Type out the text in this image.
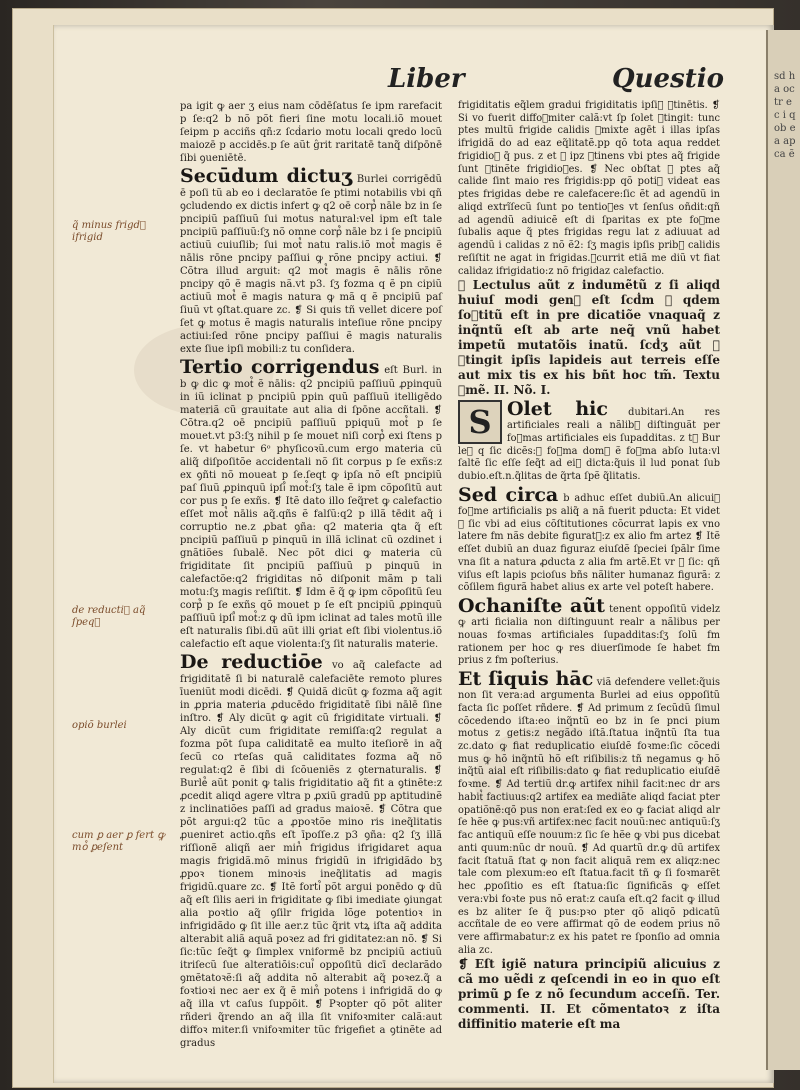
sd ha oc tr e c i q ob ea ap ca ẽ
Liber	Questio
q̃ minus frigd᷒ ifrigid
de reducti᷒ aq̃ ſpeq᷒
opiõ burlei
cum ꝑ aer ꝑ fert ꝙ mo᷒ ꝑeſent

pa igit ꝙ aer ʒ eius nam cōdēſatus ſe ipm rarefacit p ſe:q2 b nõ põt fieri ſine motu locali.iõ mouet ſeipm p acciñs qñ:z ſcḋario motu locali ꝗredo locũ maiozē p accidēs.p ſe aũt ĝrit raritatē tanq̃ diſpōnē ſibi ꝯueniētē.

Secūdum dictuʒ Burlei corrigēdũ ē poſi tũ ab eo i declaratõe ſe ptimi notabilis vbi qñ ꝯcludendo ex dictis infert ꝙ q2 oē corp᷒ nāle bz in ſe pncipiũ paſſiuũ ſui motus natural:vel ipm eſt tale pncipiũ paſſiuũ:ſʒ nõ omne corp᷒ nāle bz i ſe pncipiũ actiuũ cuiuſlib; ſui mot᷒ natu ralis.iõ mot᷒ magis ẽ nālis rōne pncipy paſſiui ꝙ rõne pncipy actiui. ❡ Cõtra illud arguit: q2 mot᷒ magis ẽ nālis rōne pncipy qõ ẽ magis nã.vt p3. ſʒ fozma q ẽ pn cipiũ actiuũ mot᷒ ẽ magis natura ꝙ mã q ẽ pncipiũ paſ ſiuũ vt ꝯſtat.quare zc. ❡ Si quis tñ vellet dicere poſ ſet ꝙ motus ẽ magis naturalis inteſiue rōne pncipy actiui:ſed rōne pncipy paſſiui ẽ magis naturalis exte ſiue ipſi mobili:z tu conſidera.

Tertio corrigendus eſt Burl. in b ꝙ dic ꝙ mot᷒ ẽ nālis: q2 pncipiũ paſſiuũ ꝓpinquũ in iũ iclinat p pncipiũ ppin quũ paſſiuũ itelligēdo materiã cũ grauitate aut alia di ſpōne accñtali. ❡ Cõtra.q2 oē pncipiũ paſſiuũ ppiquũ mot᷒ p ſe mouet.vt p3:ſʒ nihil p ſe mouet niſi corp᷒ exi ſtens p ſe. vt habetur 6ᵒ phyſicoꝛũ.cum ergo materia cũ aliq̃ diſpoſitõe accidentali nõ ſit corpus p ſe exñs:z ex ꝯñti nõ moueat p ſe.ſeqt ꝙ ipſa nõ eſt pncipiũ paſ ſiuũ ꝓpinquũ ipſi᷒ mot᷒:ſʒ tale ẽ ipm cõpoſitũ aut cor pus p ſe exñs. ❡ Itẽ dato illo ſeq̃ret ꝙ calefactio eſſet mot᷒ nālis aq̃.qñs ẽ falſũ:q2 p illã tēdit aq̃ i corruptio ne.z ꝓbat ꝯña: q2 materia ꝗta q̃ eſt pncipiũ paſſiuũ p pinquũ in illã iclinat cũ ozdinet i gnãtiões ſubalē. Nec põt dici ꝙ materia cũ frigiditate ſit pncipiũ paſſiuũ p pinquũ in calefactõe:q2 frigiditas nõ diſponit mãm p tali motu:ſʒ magis reſiſtit. ❡ Idm ẽ q̃ ꝙ ipm cõpoſitũ ſeu corp᷒ p ſe exñs qõ mouet p ſe eſt pncipiũ ꝓpinquũ paſſiuũ ipſi᷒ mot᷒:z ꝙ dũ ipm iclinat ad tales motũ ille eſt naturalis ſibi.dũ aũt illi ꝯriat eſt ſibi violentus.iõ calefactio eſt aque violenta:ſʒ ſit naturalis materie.

De reductiōe vo aq̃ calefacte ad frigiditatē ſi bi naturalē calefaciēte remoto plures īueniũt modi dicēdi. ❡ Quidã dicũt ꝙ fozma aq̃ agit in ꝓpria materia ꝓducēdo frigiditatē ſibi nālē ſine inſtro. ❡ Aly dicũt ꝙ agit cũ frigiditate virtuali. ❡ Aly dicũt cum frigiditate remiſſa:q2 regulat a fozma põt ſupa caliditatē ea multo iteſiorē in aq̃ ſecũ co rteſas quã caliditates fozma aq̃ nõ regulat:q2 ẽ ſibi di ſcõueniẽs z ꝯternaturalis. ❡ Burle᷒ aũt ponit ꝙ talis frigiditatio aq̃ fit a ꝯtinẽte:z ꝓcedit aliqd agere vltra p ꝓxiũ gradũ pp aptitudinẽ z inclinatiões paſſi ad gradus maioꝛẽ. ❡ Cõtra que põt argui:q2 tũc a ꝓpoꝛtõe mino ris ineq̃litatis ꝓueniret actio.qñs eſt īpoſſe.z p3 ꝯña: q2 ſʒ illã riſſionẽ aliqñ aer min᷒ frigidus ifrigidaret aqua magis frigidã.mõ minus frigidũ in ifrigidãdo bʒ ꝓpoꝛ tionem minoꝛis ineq̃litatis ad magis frigidũ.quare zc. ❡ Itẽ forti᷒ põt argui ponēdo ꝙ dũ aq̃ eſt ſilis aeri in frigiditate ꝙ ſibi imediate ꝯiungat alia poꝛtio aq̃ ꝯſilr frigida lõge potentioꝛ in infrigidãdo ꝙ ſit ille aer.z tũc q̃rit vtꝝ iſta aq̃ addita alterabit aliã aquã poꝛez ad fri giditatez:an nõ. ❡ Si ſic:tũc ſeq̃t ꝙ ſimplex vniformē bz pncipiũ actiuũ itriſecũ ſue alteratiõis:cui᷒ oppoſitũ dicī declarãdo ꝯmẽtatoꝛẽ:ſi aq̃ addita nõ alterabit aq̃ poꝛez.q̃ a foꝛtioꝛi nec aer ex q̃ ẽ min᷒ potens i infrigidã do ꝙ aq̃ illa vt caſus ſuppõit. ❡ Pꝛopter qõ põt aliter rñderi q̃rendo an aq̃ illa ſit vnifoꝛmiter calã:aut diffoꝛ miter.ſi vnifoꝛmiter tũc frigefiet a ꝯtinẽte ad gradus

frigiditatis eq̃lem gradui frigiditatis ipſi᷒ ꝯtinētis. ❡ Si vo fuerit diffoꝛmiter calã:vt ſp ſolet ꝯtingit: tunc ptes multũ frigide calidis ꝯmixte agēt i illas ipſas ifrigidã do ad eaz eq̃litatẽ.pp qõ tota aqua reddet frigidioꝛ q̃ pus. z et ꝙ ipz ꝯtinens vbi ptes aq̃ frigide ſunt ꝯtinẽte frigidioꝛes. ❡ Nec obſtat ꝙ ptes aq̃ calide ſint maio res frigidis:pp qõ poti᷒ videat eas ptes frigidas debe re calefacere:ſic ẽt ad agendũ in aliqd extrĩſecũ ſunt po tentioꝛes vt ſenſus oñdit:qñ ad agendũ adiuicẽ eſt di ſparitas ex pte foꝛme ſubalis aque q̃ ptes frigidas regu lat z adiuuat ad agendũ i calidas z nõ ẽ2: ſʒ magis ipſis prib᷒ calidis reſiſtit ne agat in frigidas.ꝯcurrit etiã me diũ vt fiat calidaz ifrigidatio:z nõ frigidaz calefactio.

❡ Lectulus aũt z indumẽtũ z ſi aliqd huiuſ modi gen᷒ eſt ſcḋm ꝙ qdem ſoꝛtitũ eſt in pre dicatiõe vnaquaq̃ z inq̃ntũ eſt ab arte neq̃ vnũ habet impetũ mutatõis inatũ. ſcḋʒ aũt ꝙ ꝯtingit ipſis lapideis aut terreis eſſe aut mix tis ex his bñt hoc tm̃. Textu ꝯmẽ. II. Nõ. I.

S Olet hic dubitari.An res artificiales reali a nãlib᷒ diſtinguãt per foꝛmas artificiales eis ſupadditas. z tꝫ Bur le᷒ q ſic dicẽs:ꝙ foꝛma dom᷒ ẽ foꝛma abſo luta:vl ſaltẽ ſic eſſe ſeq̃t ad ei᷒ dicta:q̃uis il lud ponat ſub dubio.eſt.n.q̃litas de q̃rta ſpẽ q̃litatis.

Sed circa b adhuc eſſet dubiũ.An alicui᷒ foꝛme artificialis ps aliq̃ a nã fuerit pducta: Et videt ꝙ ſic vbi ad eius cõſtitutiones cõcurrat lapis ex vno latere fm nãs debite figurat᷒:z ex alio fm artez ❡ Itẽ eſſet dubiũ an duaz figuraz eiuſdẽ ſpeciei ſpãlr ſime vna ſit a natura ꝓducta z alia fm artẽ.Et vr ꝙ ſic: qñ viſus eſt lapis pcioſus bñs nãliter humanaz figurã: z cõſilem figurã habet alius ex arte vel poteſt habere.

Ochaniſte aũt tenent oppoſitũ videlz ꝙ arti ficialia non diſtinguunt realr a nãlibus per nouas foꝛmas artificiales ſupadditas:ſʒ ſolũ fm rationem per hoc ꝙ res diuerſimode ſe habet fm prius z fm poſterius.

Et ſiquis hāc viã defendere vellet:q̃uis non ſit vera:ad argumenta Burlei ad eius oppoſitũ facta ſic poſſet rñdere. ❡ Ad primum z ſecũdũ ſimul cõcedendo iſta:eo inq̃ntũ eo bz in ſe pnci pium motus z getis:z negãdo iſtã.ſtatua inq̃ntũ ſta tua zc.dato ꝙ fiat reduplicatio eiuſdẽ foꝛme:ſic cõcedi mus ꝙ hõ inq̃ntũ hõ eſt riſibilis:z tñ negamus ꝙ hõ inq̃tũ aial eſt riſibilis:dato ꝙ fiat reduplicatio eiuſdẽ foꝛme. ❡ Ad tertiũ dr.ꝙ artifex nihil facit:nec dr ars habit᷒ factiuus:q2 artifex ea mediãte aliqd faciat pter opatiõnẽ:qõ pus non erat:ſed ex eo ꝙ faciat aliqd alr ſe hẽe ꝙ pus:vñ artifex:nec facit nouũ:nec antiquũ:ſʒ fac antiquũ eſſe nouum:z ſic ſe hẽe ꝙ vbi pus dicebat anti quum:nũc dr nouũ. ❡ Ad quartũ dr.ꝙ dũ artifex facit ſtatuã ſtat ꝙ non facit aliquã rem ex aliqz:nec tale com plexum:eo eſt ſtatua.facit tñ ꝙ ſi foꝛmarẽt hec ꝓpoſitio es eſt ſtatua:ſic ſignificãs ꝙ eſſet vera:vbi foꝛte pus nõ erat:z cauſa eſt.q2 facit ꝙ illud es bz aliter ſe q̃ pus:pꝛo pter qõ aliqõ pdicatũ accñtale de eo vere affirmat qõ de eodem prius nõ vere affirmabatur:z ex his patet re ſponſio ad omnia alia zc.

❡ Eſt igiẽ natura principiũ alicuius z cã mo uẽdi z qeſcendi in eo in quo eſt primũ ꝑ ſe z nõ ſecundum acceſñ. Ter. commenti. II. Et cõmentatoꝛ z iſta diffinitio materie eſt ma
